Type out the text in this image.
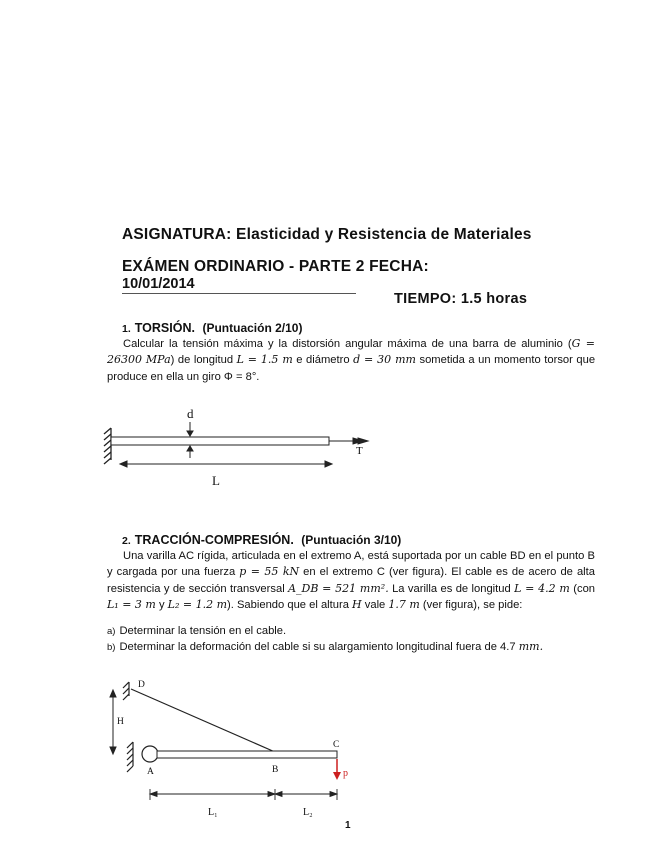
ASIGNATURA: Elasticidad y Resistencia de Materiales
EXÁMEN ORDINARIO - PARTE 2 FECHA:
10/01/2014
TIEMPO: 1.5 horas
1. TORSIÓN. (Puntuación 2/10)
Calcular la tensión máxima y la distorsión angular máxima de una barra de aluminio (G = 26300 MPa) de longitud L = 1.5 m e diámetro d = 30 mm sometida a un momento torsor que produce en ella un giro Φ = 8°.
d
T
L
2. TRACCIÓN-COMPRESIÓN. (Puntuación 3/10)
Una varilla AC rígida, articulada en el extremo A, está suportada por un cable BD en el punto B y cargada por una fuerza p = 55 kN en el extremo C (ver figura). El cable es de acero de alta resistencia y de sección transversal A_DB = 521 mm². La varilla es de longitud L = 4.2 m (con L₁ = 3 m y L₂ = 1.2 m). Sabiendo que el altura H vale 1.7 m (ver figura), se pide:
a) Determinar la tensión en el cable.
b) Determinar la deformación del cable si su alargamiento longitudinal fuera de 4.7 mm.
D
H
A	B
C
p
L₁	L₂
1
